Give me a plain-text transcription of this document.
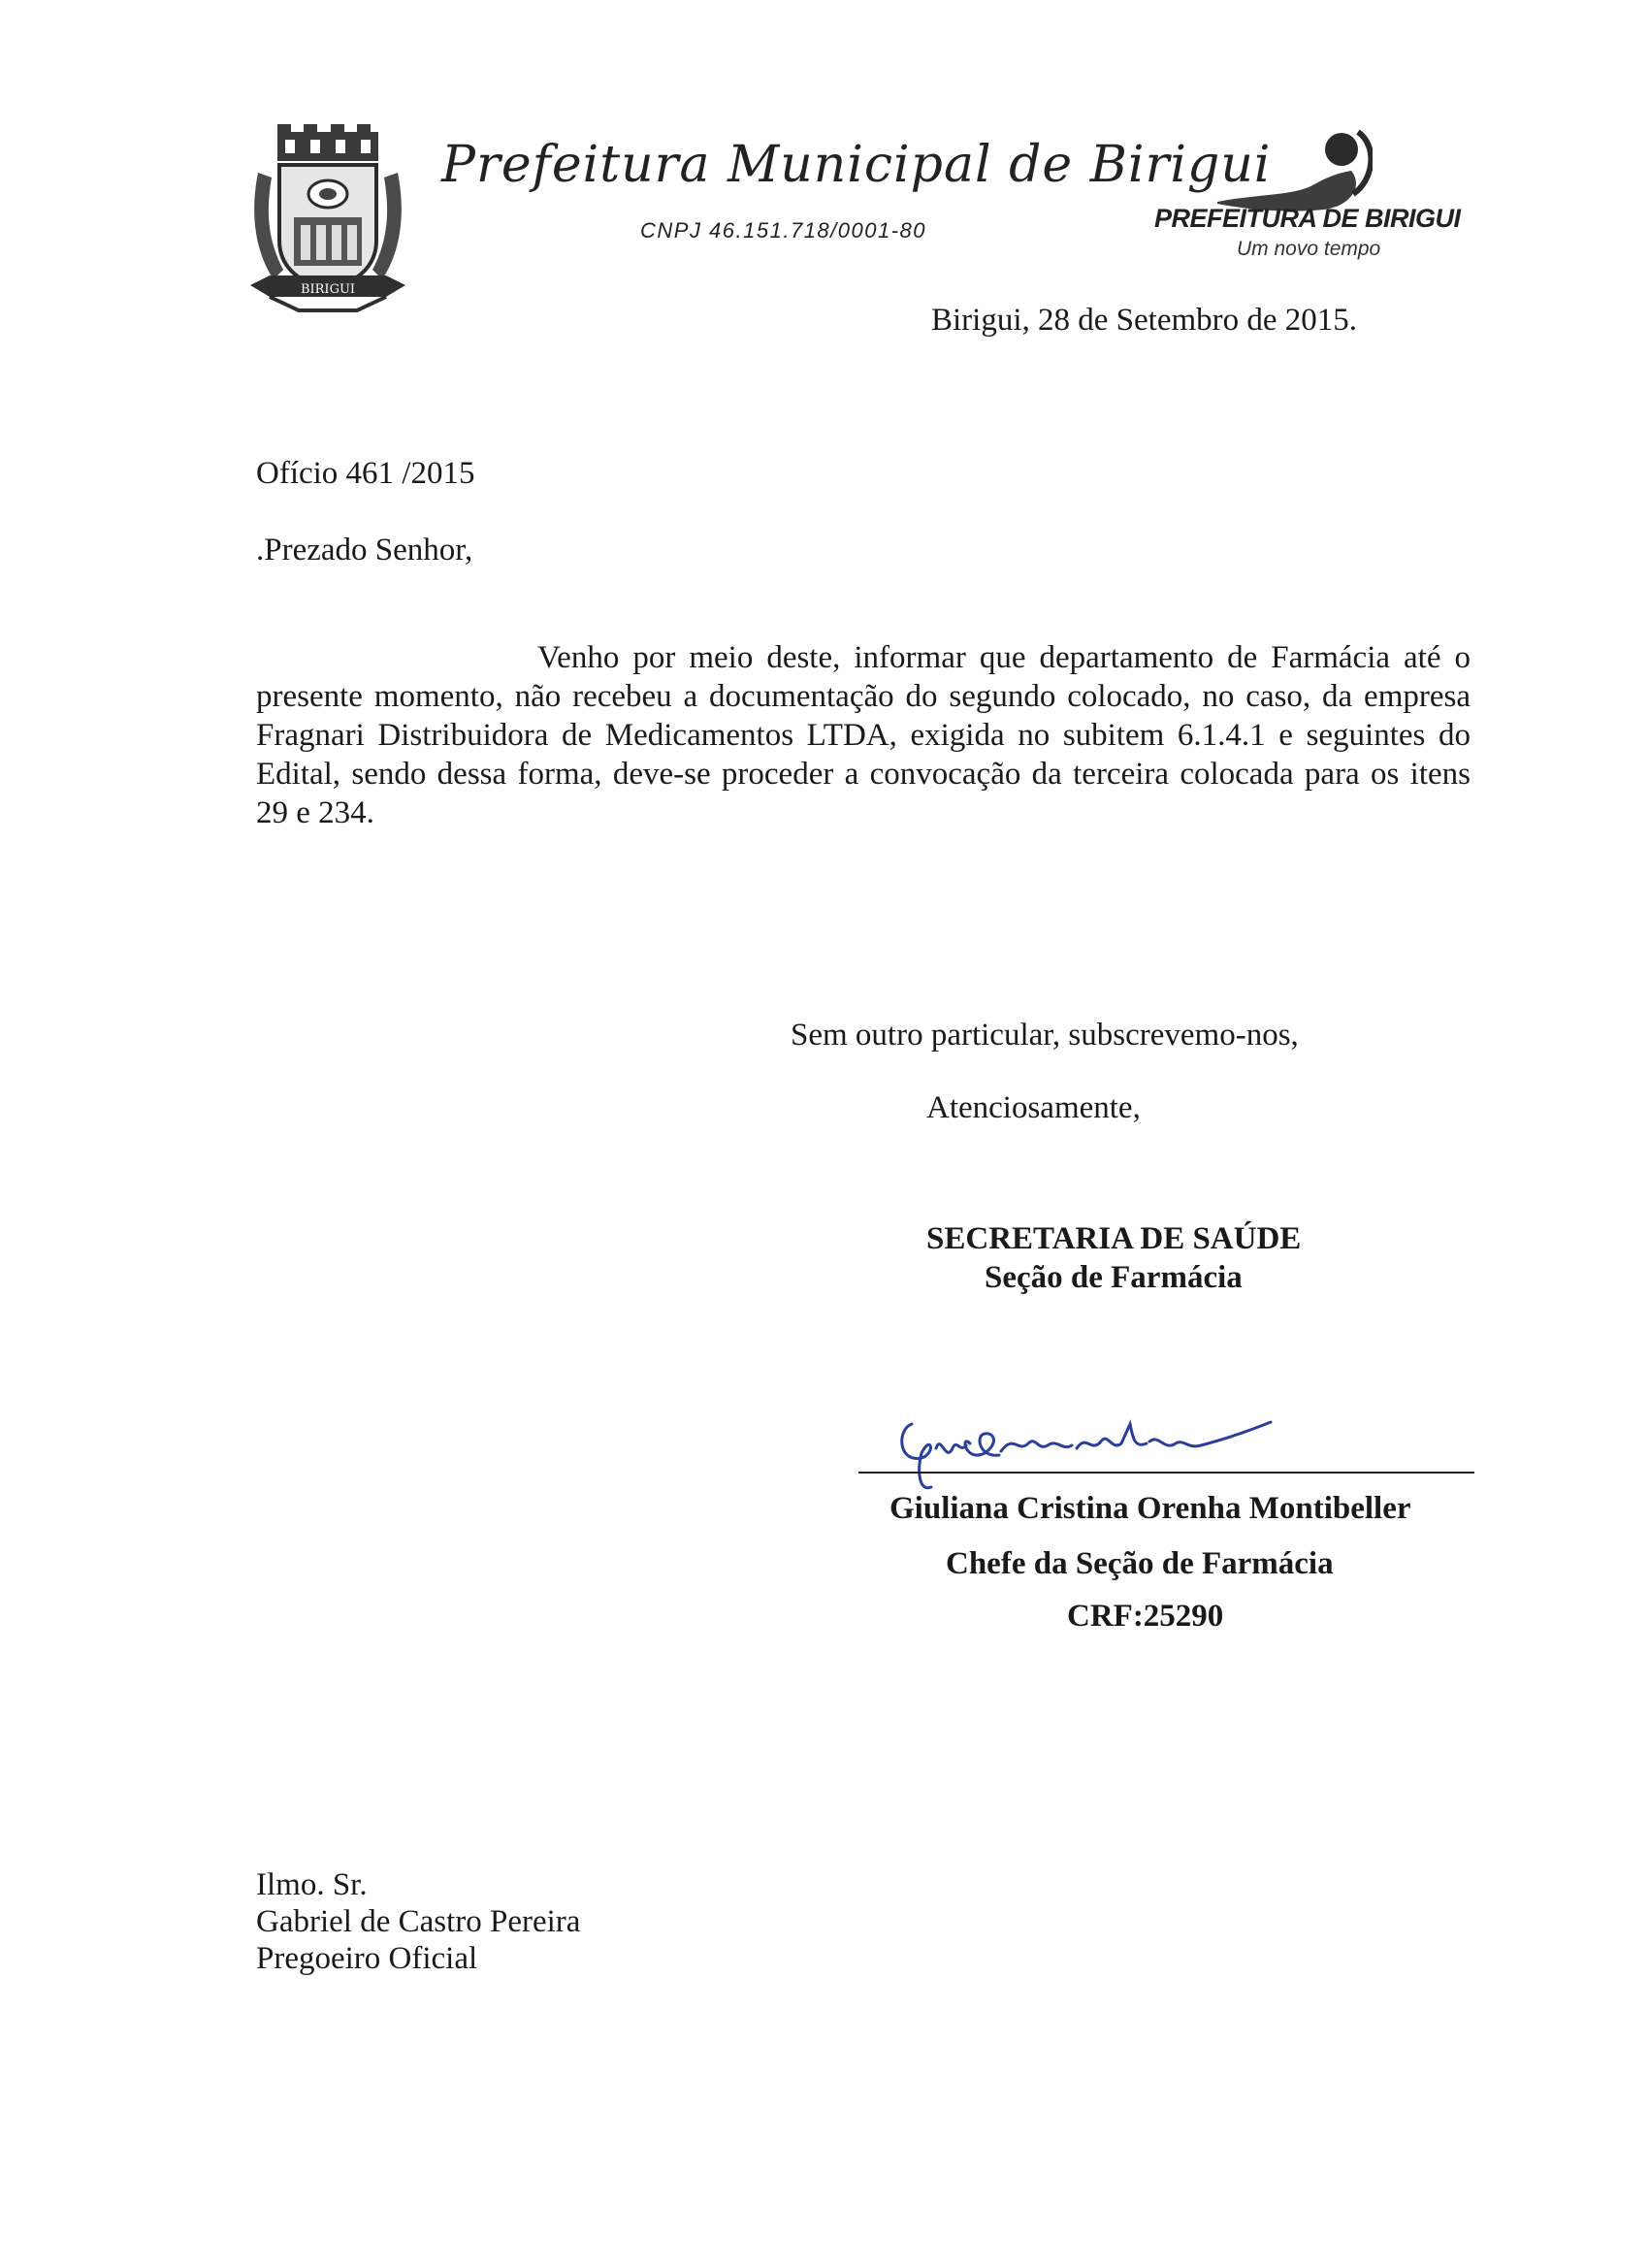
BIRIGUI
Prefeitura Municipal de Birigui
CNPJ 46.151.718/0001-80	PREFEITURA DE BIRIGUI
Um novo tempo
Birigui, 28 de Setembro de 2015.
Ofício 461 /2015
.Prezado Senhor,
Venho por meio deste, informar que departamento de Farmácia até o presente momento, não recebeu a documentação do segundo colocado, no caso, da empresa Fragnari Distribuidora de Medicamentos LTDA, exigida no subitem 6.1.4.1 e seguintes do Edital, sendo dessa forma, deve-se proceder a convocação da terceira colocada para os itens 29 e 234.
Sem outro particular, subscrevemo-nos,
Atenciosamente,
SECRETARIA DE SAÚDE
Seção de Farmácia
Giuliana Cristina Orenha Montibeller
Chefe da Seção de Farmácia
CRF:25290
Ilmo. Sr.
Gabriel de Castro Pereira
Pregoeiro Oficial
